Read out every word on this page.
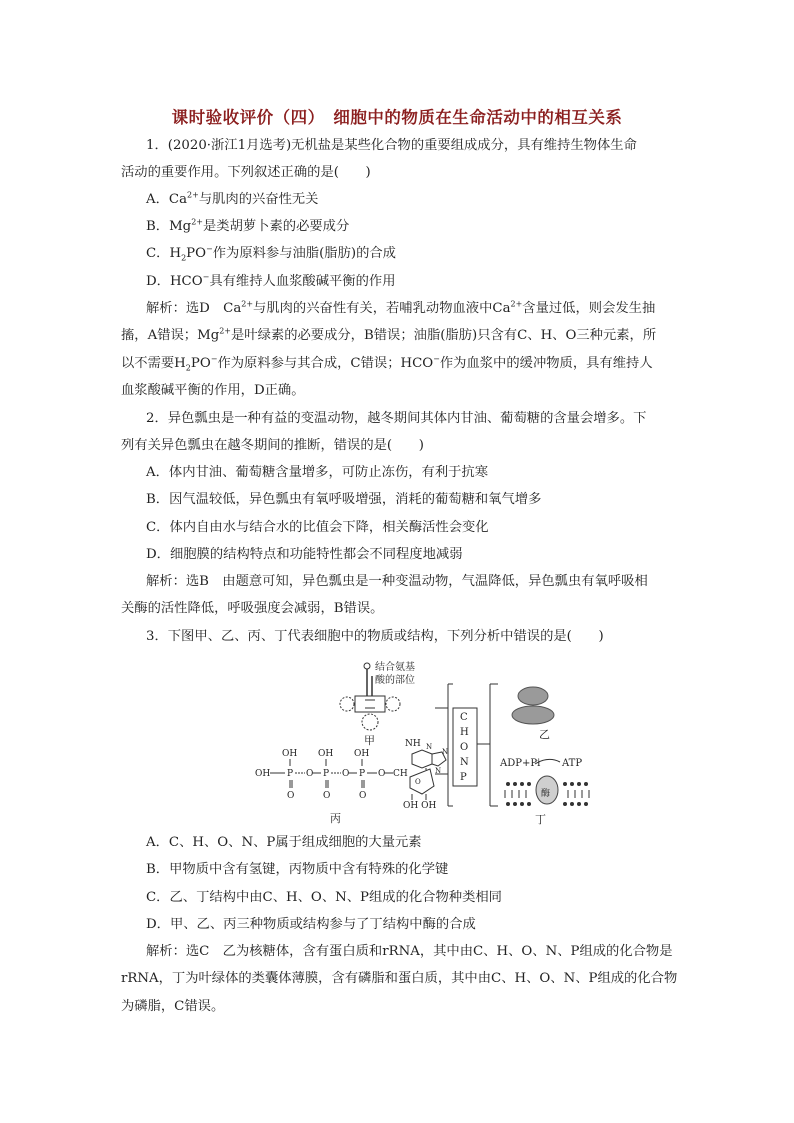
课时验收评价（四）　细胞中的物质在生命活动中的相互关系
1．(2020·浙江1月选考)无机盐是某些化合物的重要组成成分，具有维持生物体生命
活动的重要作用。下列叙述正确的是(　　)
A．$Ca^{2+}$与肌肉的兴奋性无关
B．$Mg^{2+}$是类胡萝卜素的必要成分
C．$H_2PO^-$作为原料参与油脂(脂肪)的合成
D．HCO−具有维持人血浆酸碱平衡的作用
解析：选D　$Ca^{2+}$与肌肉的兴奋性有关，若哺乳动物血液中$Ca^{2+}$含量过低，则会发生抽
搐，A错误；$Mg^{2+}$是叶绿素的必要成分，B错误；油脂(脂肪)只含有C、H、O三种元素，所
以不需要$H_2PO^-$作为原料参与其合成，C错误；HCO−作为血浆中的缓冲物质，具有维持人
血浆酸碱平衡的作用，D正确。
2．异色瓢虫是一种有益的变温动物，越冬期间其体内甘油、葡萄糖的含量会增多。下
列有关异色瓢虫在越冬期间的推断，错误的是(　　)
A．体内甘油、葡萄糖含量增多，可防止冻伤，有利于抗寒
B．因气温较低，异色瓢虫有氧呼吸增强，消耗的葡萄糖和氧气增多
C．体内自由水与结合水的比值会下降，相关酶活性会变化
D．细胞膜的结构特点和功能特性都会不同程度地减弱
解析：选B　由题意可知，异色瓢虫是一种变温动物，气温降低，异色瓢虫有氧呼吸相
关酶的活性降低，呼吸强度会减弱，B错误。
3．下图甲、乙、丙、丁代表细胞中的物质或结构，下列分析中错误的是(　　)
结合氨基
酸的部位
甲
C
H
O
N
P
乙
ADP+Pi ATP
酶
丁
OH OH OH
OH P	P	P
O	O	O
O	O	O
CH
O
OH OH
NH N
N
N
丙
A．C、H、O、N、P属于组成细胞的大量元素
B．甲物质中含有氢键，丙物质中含有特殊的化学键
C．乙、丁结构中由C、H、O、N、P组成的化合物种类相同
D．甲、乙、丙三种物质或结构参与了丁结构中酶的合成
解析：选C　乙为核糖体，含有蛋白质和rRNA，其中由C、H、O、N、P组成的化合物是
rRNA，丁为叶绿体的类囊体薄膜，含有磷脂和蛋白质，其中由C、H、O、N、P组成的化合物
为磷脂，C错误。
